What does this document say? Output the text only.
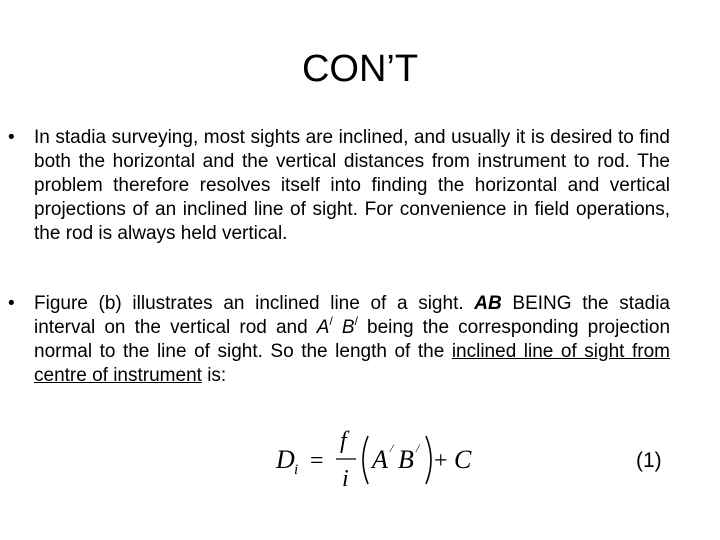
CON’T
• In stadia surveying, most sights are inclined, and usually it is desired to find both the horizontal and the vertical distances from instrument to rod. The problem therefore resolves itself into finding the horizontal and vertical projections of an inclined line of sight. For convenience in field operations, the rod is always held vertical.
• Figure (b) illustrates an inclined line of a sight. AB BEING the stadia interval on the vertical rod and A/ B/ being the corresponding projection normal to the line of sight. So the length of the inclined line of sight from centre of instrument is:
D i =
f
i
A / B / + C	(1)
